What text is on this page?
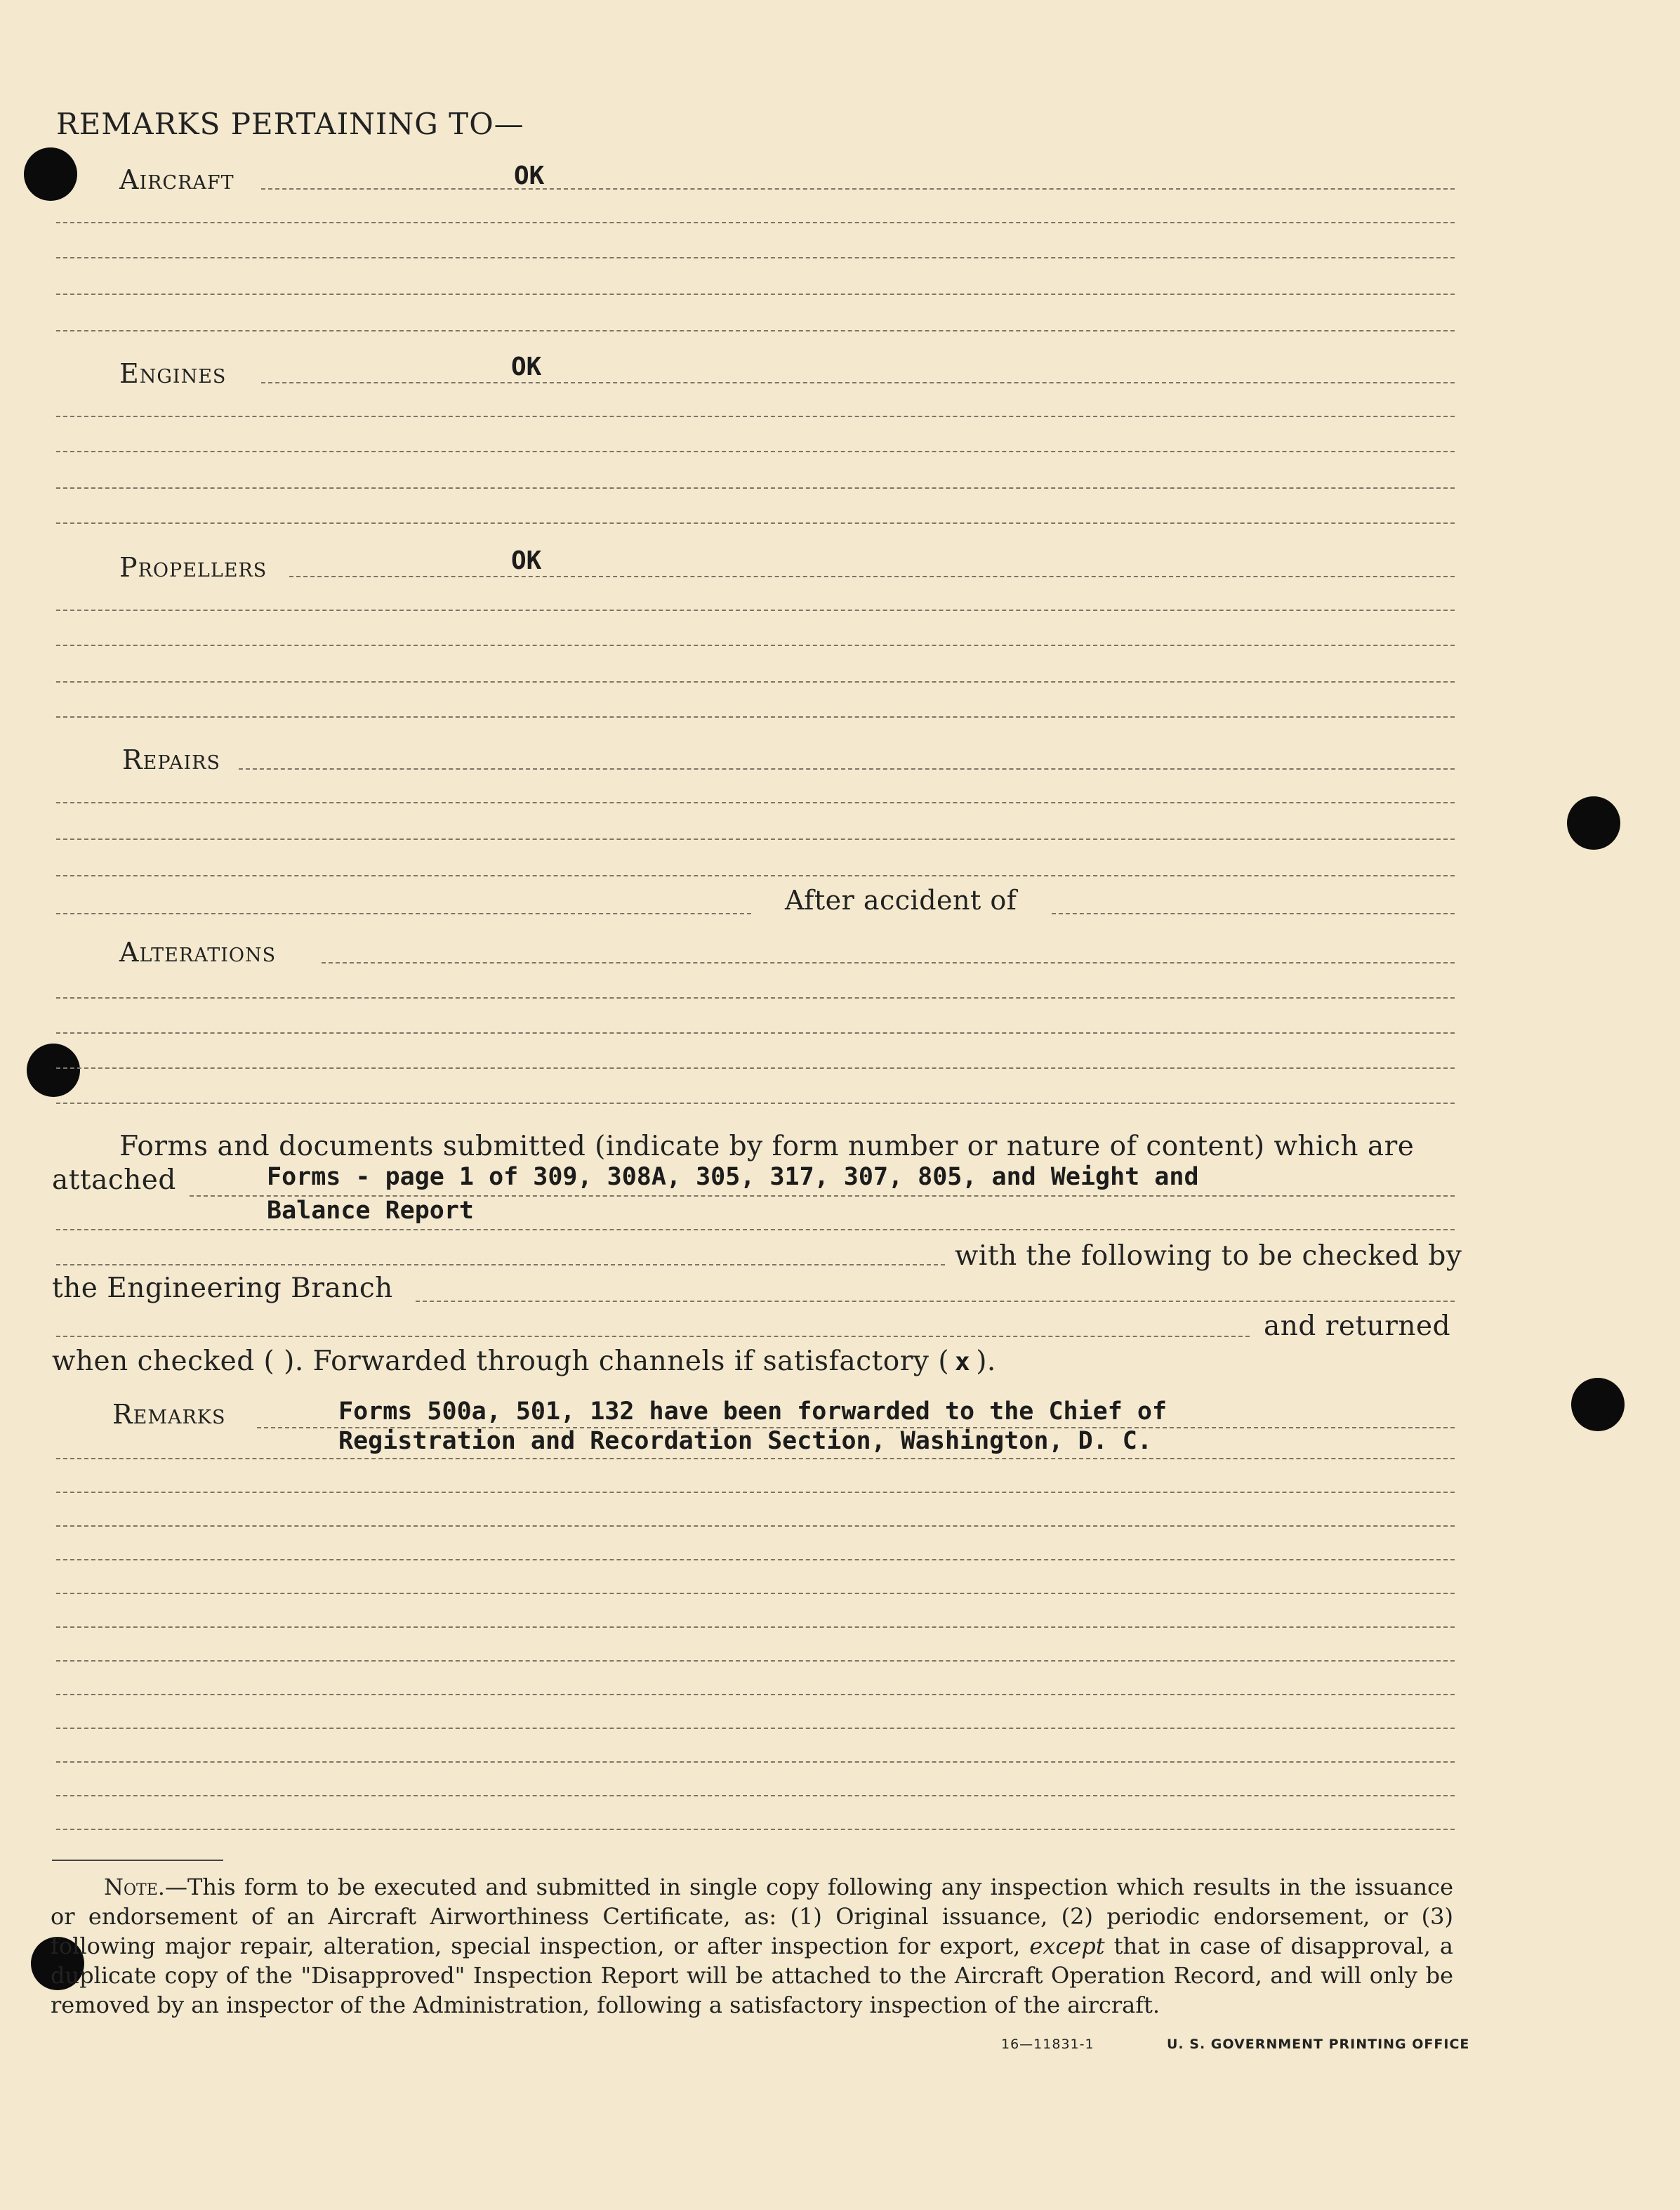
REMARKS PERTAINING TO—
Aircraft	OK
Engines	OK
Propellers	OK
Repairs
After accident of
Alterations
Forms and documents submitted (indicate by form number or nature of content) which are
attached	Forms - page 1 of 309, 308A, 305, 317, 307, 805, and Weight and
Balance Report
with the following to be checked by
the Engineering Branch
and returned
when checked ( ). Forwarded through channels if satisfactory ( x ).
Remarks	Forms 500a, 501, 132 have been forwarded to the Chief of
Registration and Recordation Section, Washington, D. C.

Note.—This form to be executed and submitted in single copy following any inspection which results in the issuance or endorsement of an Aircraft Airworthiness Certificate, as: (1) Original issuance, (2) periodic endorsement, or (3) following major repair, alteration, special inspection, or after inspection for export, except that in case of disapproval, a duplicate copy of the "Disapproved" Inspection Report will be attached to the Aircraft Operation Record, and will only be removed by an inspector of the Administration, following a satisfactory inspection of the aircraft.

16—11831-1	U. S. GOVERNMENT PRINTING OFFICE
